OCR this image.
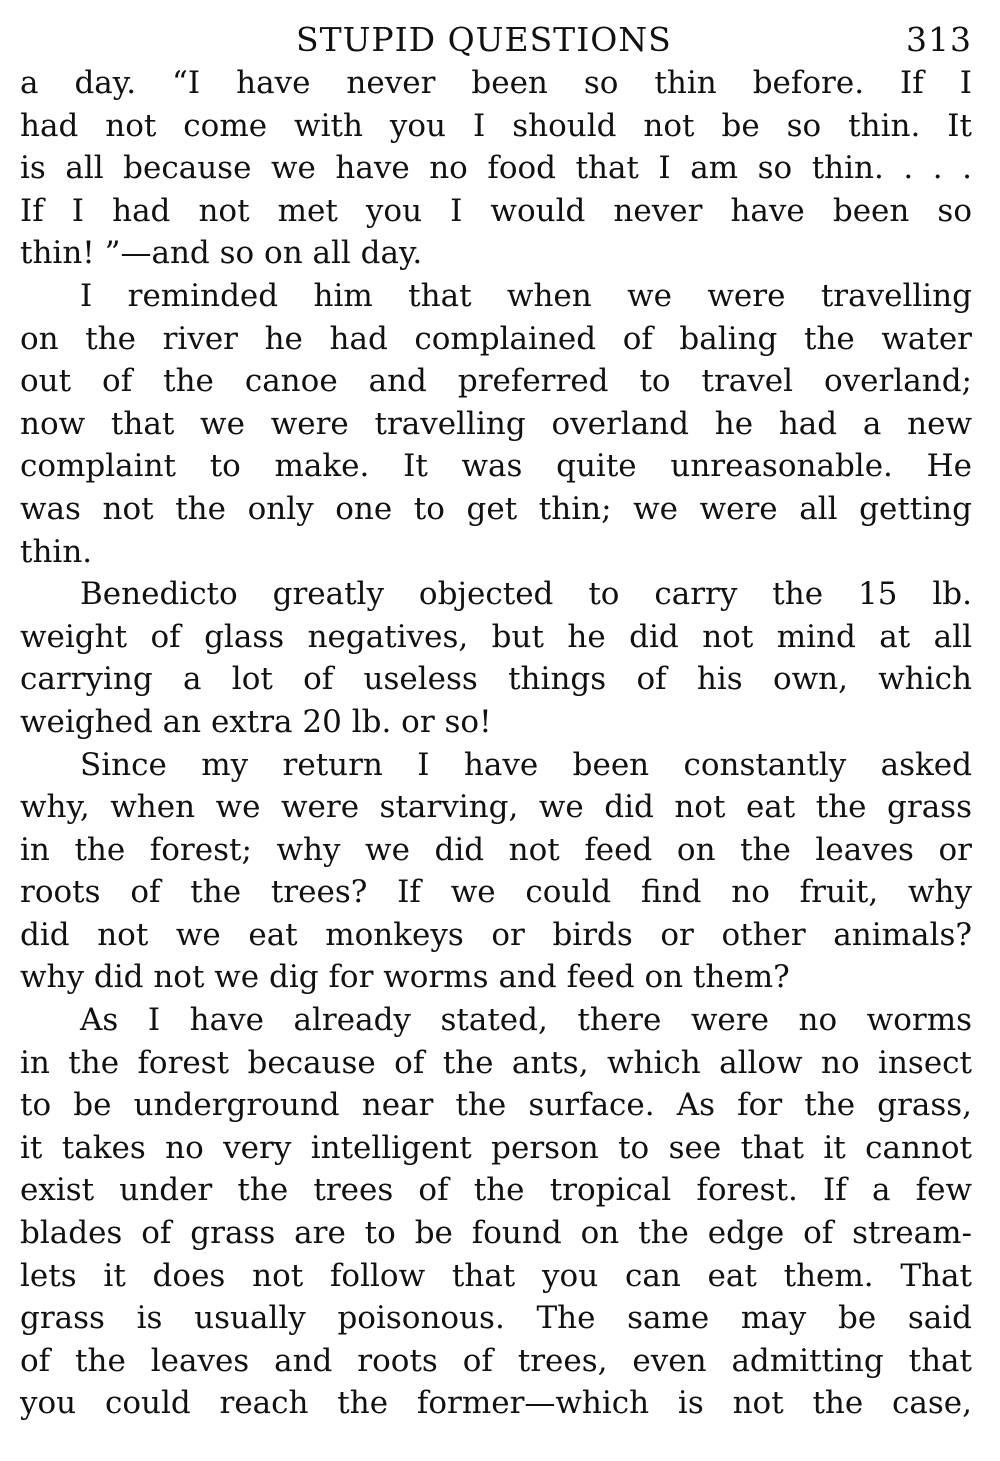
STUPID QUESTIONS	313
a day. “I have never been so thin before. If I
had not come with you I should not be so thin. It
is all because we have no food that I am so thin. . . .
If I had not met you I would never have been so
thin! ”—and so on all day.
I reminded him that when we were travelling
on the river he had complained of baling the water
out of the canoe and preferred to travel overland;
now that we were travelling overland he had a new
complaint to make. It was quite unreasonable. He
was not the only one to get thin; we were all getting
thin.
Benedicto greatly objected to carry the 15 lb.
weight of glass negatives, but he did not mind at all
carrying a lot of useless things of his own, which
weighed an extra 20 lb. or so!
Since my return I have been constantly asked
why, when we were starving, we did not eat the grass
in the forest; why we did not feed on the leaves or
roots of the trees? If we could find no fruit, why
did not we eat monkeys or birds or other animals?
why did not we dig for worms and feed on them?
As I have already stated, there were no worms
in the forest because of the ants, which allow no insect
to be underground near the surface. As for the grass,
it takes no very intelligent person to see that it cannot
exist under the trees of the tropical forest. If a few
blades of grass are to be found on the edge of stream-
lets it does not follow that you can eat them. That
grass is usually poisonous. The same may be said
of the leaves and roots of trees, even admitting that
you could reach the former—which is not the case,
